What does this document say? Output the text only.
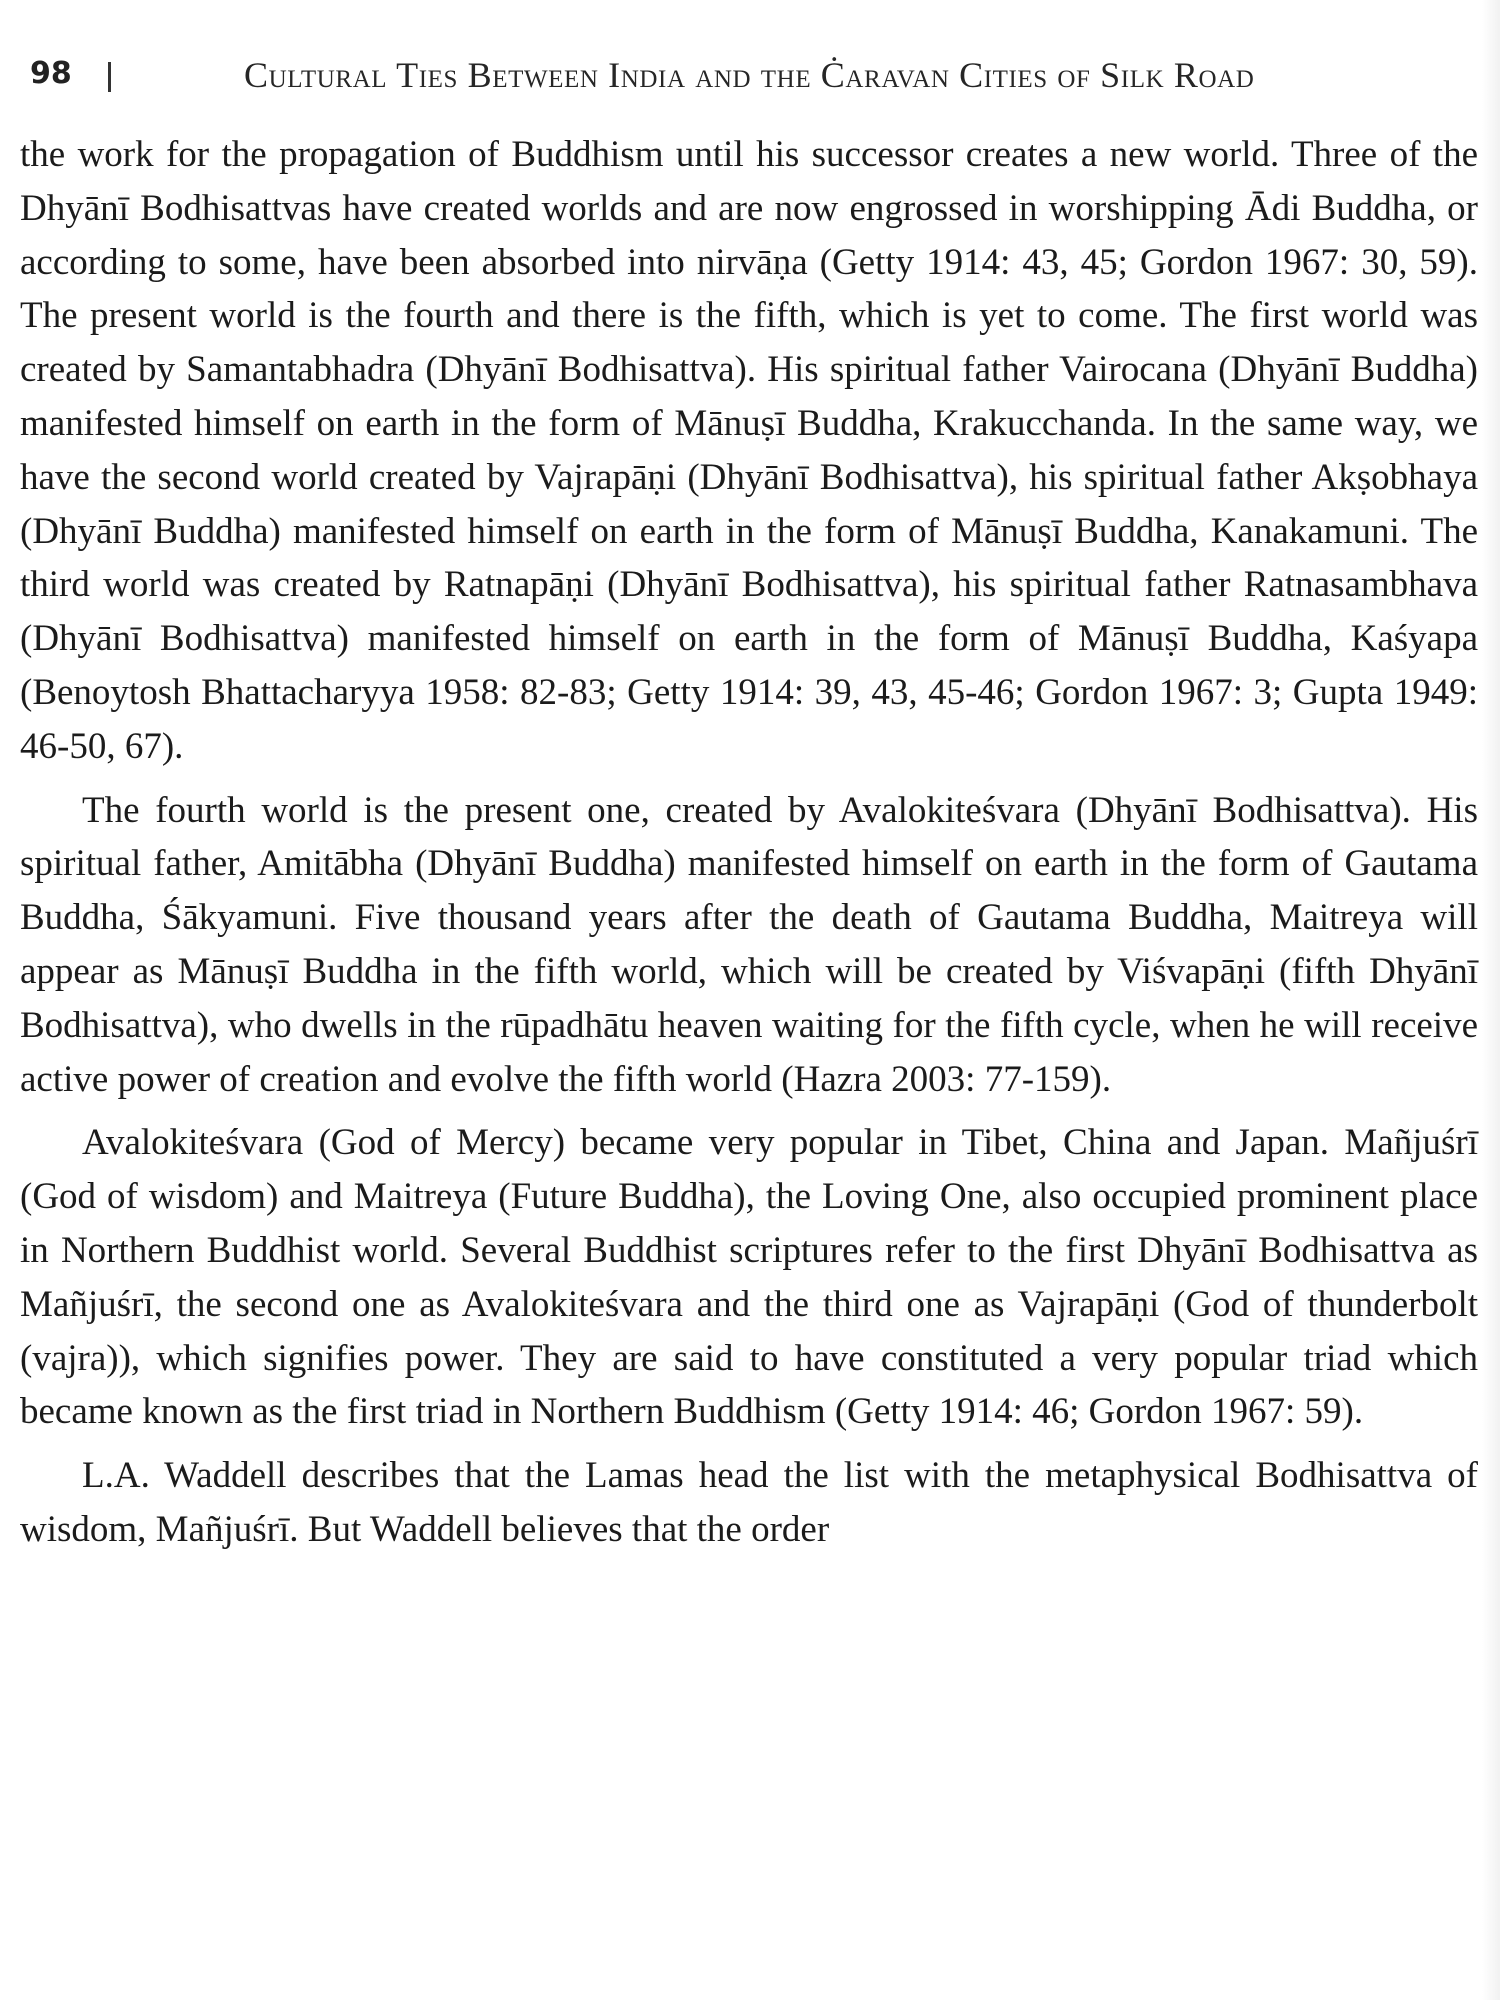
98	Cultural Ties Between India and the Ċaravan Cities of Silk Road

the work for the propagation of Buddhism until his successor creates a new world. Three of the Dhyānī Bodhisattvas have created worlds and are now engrossed in worshipping Ādi Buddha, or according to some, have been absorbed into nirvāṇa (Getty 1914: 43, 45; Gordon 1967: 30, 59). The present world is the fourth and there is the fifth, which is yet to come. The first world was created by Samantabhadra (Dhyānī Bodhisattva). His spiritual father Vairocana (Dhyānī Buddha) manifested himself on earth in the form of Mānuṣī Buddha, Krakucchanda. In the same way, we have the second world created by Vajrapāṇi (Dhyānī Bodhisattva), his spiritual father Akṣobhaya (Dhyānī Buddha) manifested himself on earth in the form of Mānuṣī Buddha, Kanakamuni. The third world was created by Ratnapāṇi (Dhyānī Bodhisattva), his spiritual father Ratnasambhava (Dhyānī Bodhisattva) manifested himself on earth in the form of Mānuṣī Buddha, Kaśyapa (Benoytosh Bhattacharyya 1958: 82-83; Getty 1914: 39, 43, 45-46; Gordon 1967: 3; Gupta 1949: 46-50, 67).

The fourth world is the present one, created by Avalokiteśvara (Dhyānī Bodhisattva). His spiritual father, Amitābha (Dhyānī Buddha) manifested himself on earth in the form of Gautama Buddha, Śākyamuni. Five thousand years after the death of Gautama Buddha, Maitreya will appear as Mānuṣī Buddha in the fifth world, which will be created by Viśvapāṇi (fifth Dhyānī Bodhisattva), who dwells in the rūpadhātu heaven waiting for the fifth cycle, when he will receive active power of creation and evolve the fifth world (Hazra 2003: 77-159).

Avalokiteśvara (God of Mercy) became very popular in Tibet, China and Japan. Mañjuśrī (God of wisdom) and Maitreya (Future Buddha), the Loving One, also occupied prominent place in Northern Buddhist world. Several Buddhist scriptures refer to the first Dhyānī Bodhisattva as Mañjuśrī, the second one as Avalokiteśvara and the third one as Vajrapāṇi (God of thunderbolt (vajra)), which signifies power. They are said to have constituted a very popular triad which became known as the first triad in Northern Buddhism (Getty 1914: 46; Gordon 1967: 59).

L.A. Waddell describes that the Lamas head the list with the metaphysical Bodhisattva of wisdom, Mañjuśrī. But Waddell believes that the order
